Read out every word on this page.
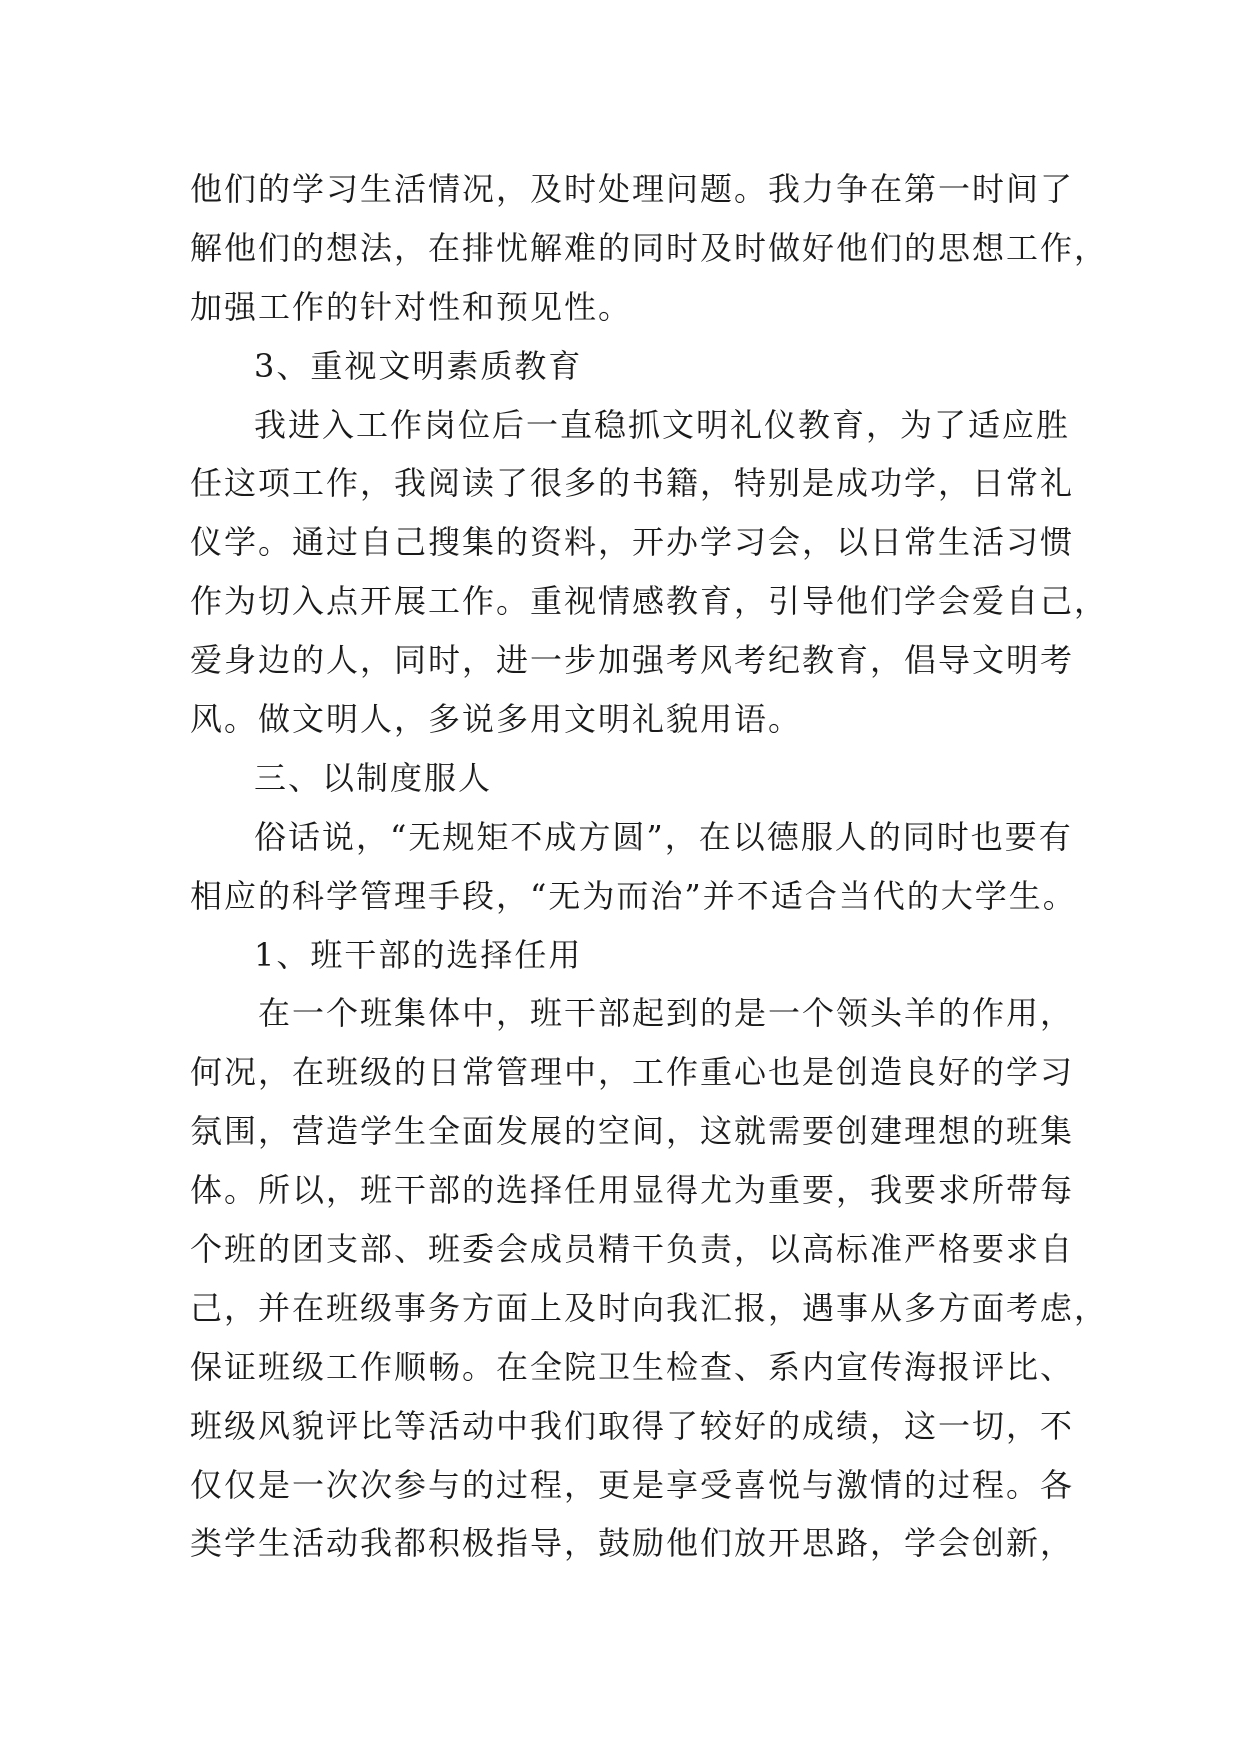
他们的学习生活情况，及时处理问题。我力争在第一时间了
解他们的想法，在排忧解难的同时及时做好他们的思想工作，
加强工作的针对性和预见性。
3、重视文明素质教育
我进入工作岗位后一直稳抓文明礼仪教育，为了适应胜
任这项工作，我阅读了很多的书籍，特别是成功学，日常礼
仪学。通过自己搜集的资料，开办学习会，以日常生活习惯
作为切入点开展工作。重视情感教育，引导他们学会爱自己，
爱身边的人，同时，进一步加强考风考纪教育，倡导文明考
风。做文明人，多说多用文明礼貌用语。
三、以制度服人
俗话说，“无规矩不成方圆”，在以德服人的同时也要有
相应的科学管理手段，“无为而治”并不适合当代的大学生。
1、班干部的选择任用
在一个班集体中，班干部起到的是一个领头羊的作用，
何况，在班级的日常管理中，工作重心也是创造良好的学习
氛围，营造学生全面发展的空间，这就需要创建理想的班集
体。所以，班干部的选择任用显得尤为重要，我要求所带每
个班的团支部、班委会成员精干负责，以高标准严格要求自
己，并在班级事务方面上及时向我汇报，遇事从多方面考虑，
保证班级工作顺畅。在全院卫生检查、系内宣传海报评比、
班级风貌评比等活动中我们取得了较好的成绩，这一切，不
仅仅是一次次参与的过程，更是享受喜悦与激情的过程。各
类学生活动我都积极指导，鼓励他们放开思路，学会创新，
